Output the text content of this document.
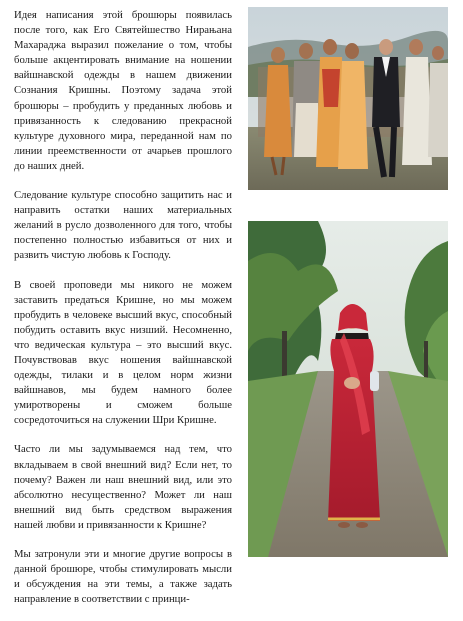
Идея написания этой брошюры появилась после того, как Его Святейшество Нирањана Махараджа выразил пожелание о том, чтобы больше акцентировать внимание на ношении вайшнавской одежды в нашем движении Сознания Кришны. Поэтому задача этой брошюры – пробудить у преданных любовь и привязанность к следованию прекрасной культуре духовного мира, переданной нам по линии преемственности от ачарьев прошлого до наших дней.

Следование культуре способно защитить нас и направить остатки наших материальных желаний в русло дозволенного для того, чтобы постепенно полностью избавиться от них и развить чистую любовь к Господу.

В своей проповеди мы никого не можем заставить предаться Кришне, но мы можем пробудить в человеке высший вкус, способный побудить оставить вкус низший. Несомненно, что ведическая культура – это высший вкус. Почувствовав вкус ношения вайшнавской одежды, тилаки и в целом норм жизни вайшнавов, мы будем намного более умиротворены и сможем больше сосредоточиться на служении Шри Кришне.

Часто ли мы задумываемся над тем, что вкладываем в свой внешний вид? Если нет, то почему? Важен ли наш внешний вид, или это абсолютно несущественно? Может ли наш внешний вид быть средством выражения нашей любви и привязанности к Кришне?

Мы затронули эти и многие другие вопросы в данной брошюре, чтобы стимулировать мысли и обсуждения на эти темы, а также задать направление в соответствии с принци-
